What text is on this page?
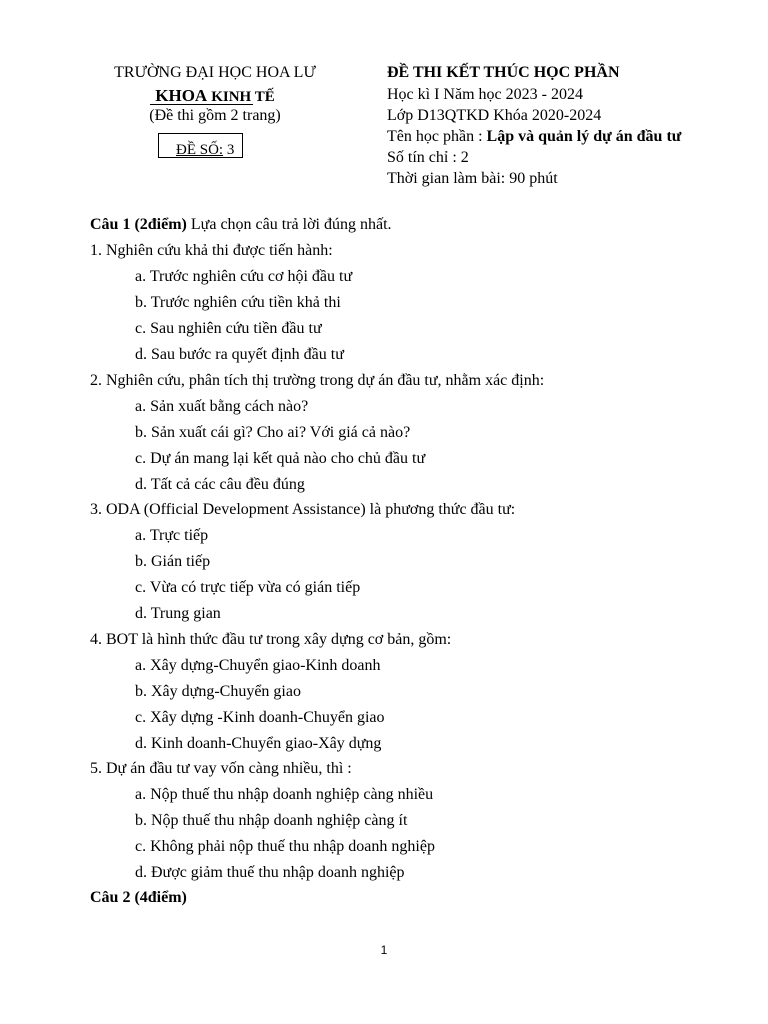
TRƯỜNG ĐẠI HỌC HOA LƯ
KHOA KINH TẾ
(Đề thi gồm 2 trang)
ĐỀ SỐ: 3
ĐỀ THI KẾT THÚC HỌC PHẦN
Học kì I Năm học 2023 - 2024
Lớp D13QTKD Khóa 2020-2024
Tên học phần : Lập và quản lý dự án đầu tư
Số tín chỉ : 2
Thời gian làm bài: 90 phút
Câu 1 (2điểm) Lựa chọn câu trả lời đúng nhất.
1. Nghiên cứu khả thi được tiến hành:
a. Trước nghiên cứu cơ hội đầu tư
b. Trước nghiên cứu tiền khả thi
c. Sau nghiên cứu tiền đầu tư
d. Sau bước ra quyết định đầu tư
2. Nghiên cứu, phân tích thị trường trong dự án đầu tư, nhằm xác định:
a. Sản xuất bằng cách nào?
b. Sản xuất cái gì? Cho ai? Với giá cả nào?
c. Dự án mang lại kết quả nào cho chủ đầu tư
d. Tất cả các câu đều đúng
3. ODA (Official Development Assistance) là phương thức đầu tư:
a. Trực tiếp
b. Gián tiếp
c. Vừa có trực tiếp vừa có gián tiếp
d. Trung gian
4. BOT là hình thức đầu tư trong xây dựng cơ bản, gồm:
a. Xây dựng-Chuyển giao-Kinh doanh
b. Xây dựng-Chuyển giao
c. Xây dựng -Kinh doanh-Chuyển giao
d. Kinh doanh-Chuyển giao-Xây dựng
5. Dự án đầu tư vay vốn càng nhiều, thì :
a. Nộp thuế thu nhập doanh nghiệp càng nhiều
b. Nộp thuế thu nhập doanh nghiệp càng ít
c. Không phải nộp thuế thu nhập doanh nghiệp
d. Được giảm thuế thu nhập doanh nghiệp
Câu 2 (4điểm)
1
